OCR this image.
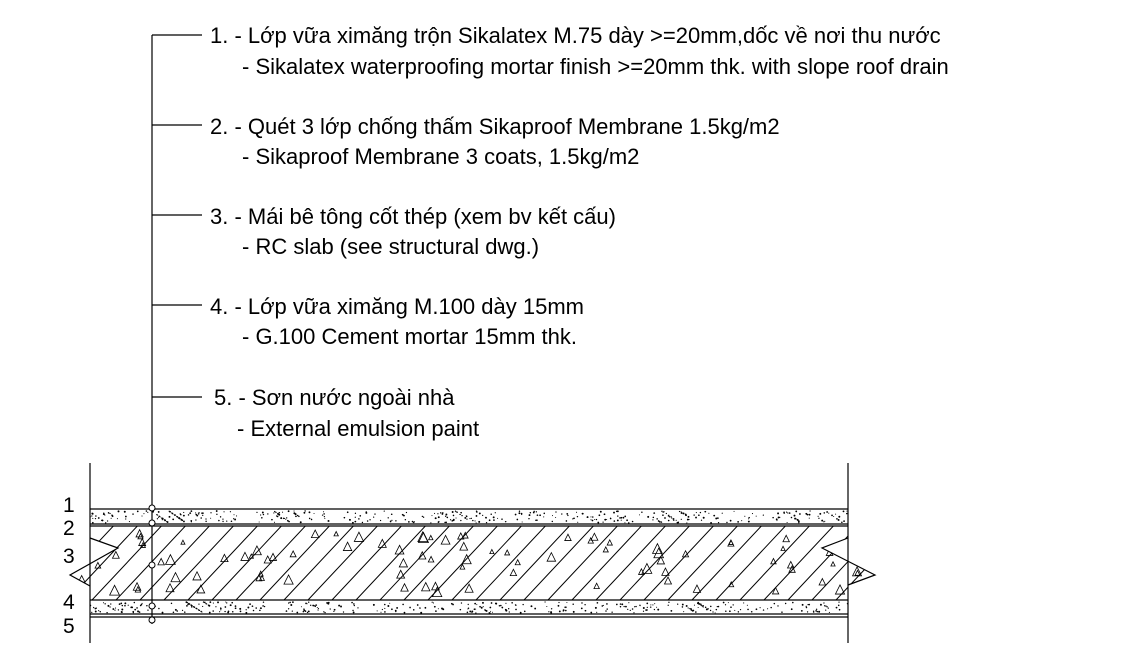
1. - Lớp vữa ximăng trộn Sikalatex M.75 dày >=20mm,dốc về nơi thu nước
- Sikalatex waterproofing mortar finish >=20mm thk. with slope roof drain
2. - Quét 3 lớp chống thấm Sikaproof Membrane 1.5kg/m2
- Sikaproof Membrane 3 coats, 1.5kg/m2
3. - Mái bê tông cốt thép (xem bv kết cấu)
- RC slab (see structural dwg.)
4. - Lớp vữa ximăng M.100 dày 15mm
- G.100 Cement mortar 15mm thk.
5. - Sơn nước ngoài nhà
- External emulsion paint
1
2
3
4
5
